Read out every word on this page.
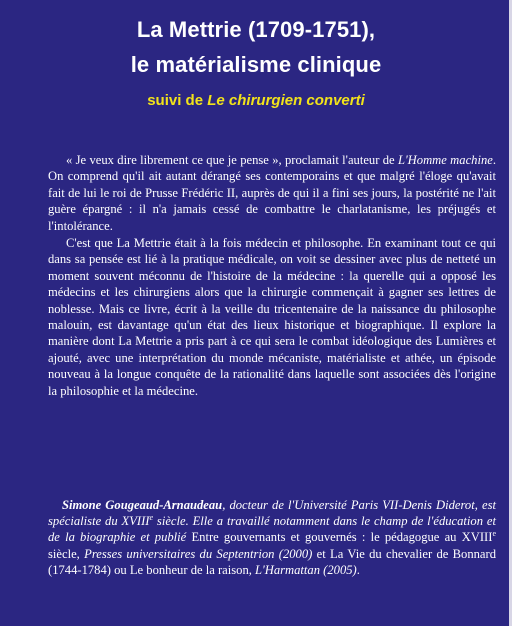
La Mettrie (1709-1751),
le matérialisme clinique
suivi de Le chirurgien converti

« Je veux dire librement ce que je pense », proclamait l'auteur de L'Homme machine. On comprend qu'il ait autant dérangé ses contemporains et que malgré l'éloge qu'avait fait de lui le roi de Prusse Frédéric II, auprès de qui il a fini ses jours, la postérité ne l'ait guère épargné : il n'a jamais cessé de combattre le charlatanisme, les préjugés et l'intolérance.

C'est que La Mettrie était à la fois médecin et philosophe. En examinant tout ce qui dans sa pensée est lié à la pratique médicale, on voit se dessiner avec plus de netteté un moment souvent méconnu de l'histoire de la médecine : la querelle qui a opposé les médecins et les chirurgiens alors que la chirurgie commençait à gagner ses lettres de noblesse. Mais ce livre, écrit à la veille du tricentenaire de la naissance du philosophe malouin, est davantage qu'un état des lieux historique et biographique. Il explore la manière dont La Mettrie a pris part à ce qui sera le combat idéologique des Lumières et ajouté, avec une interprétation du monde mécaniste, matérialiste et athée, un épisode nouveau à la longue conquête de la rationalité dans laquelle sont associées dès l'origine la philosophie et la médecine.

Simone Gougeaud-Arnaudeau, docteur de l'Université Paris VII-Denis Diderot, est spécialiste du XVIIIe siècle. Elle a travaillé notamment dans le champ de l'éducation et de la biographie et publié Entre gouvernants et gouvernés : le pédagogue au XVIIIe siècle, Presses universitaires du Septentrion (2000) et La Vie du chevalier de Bonnard (1744-1784) ou Le bonheur de la raison, L'Harmattan (2005).
